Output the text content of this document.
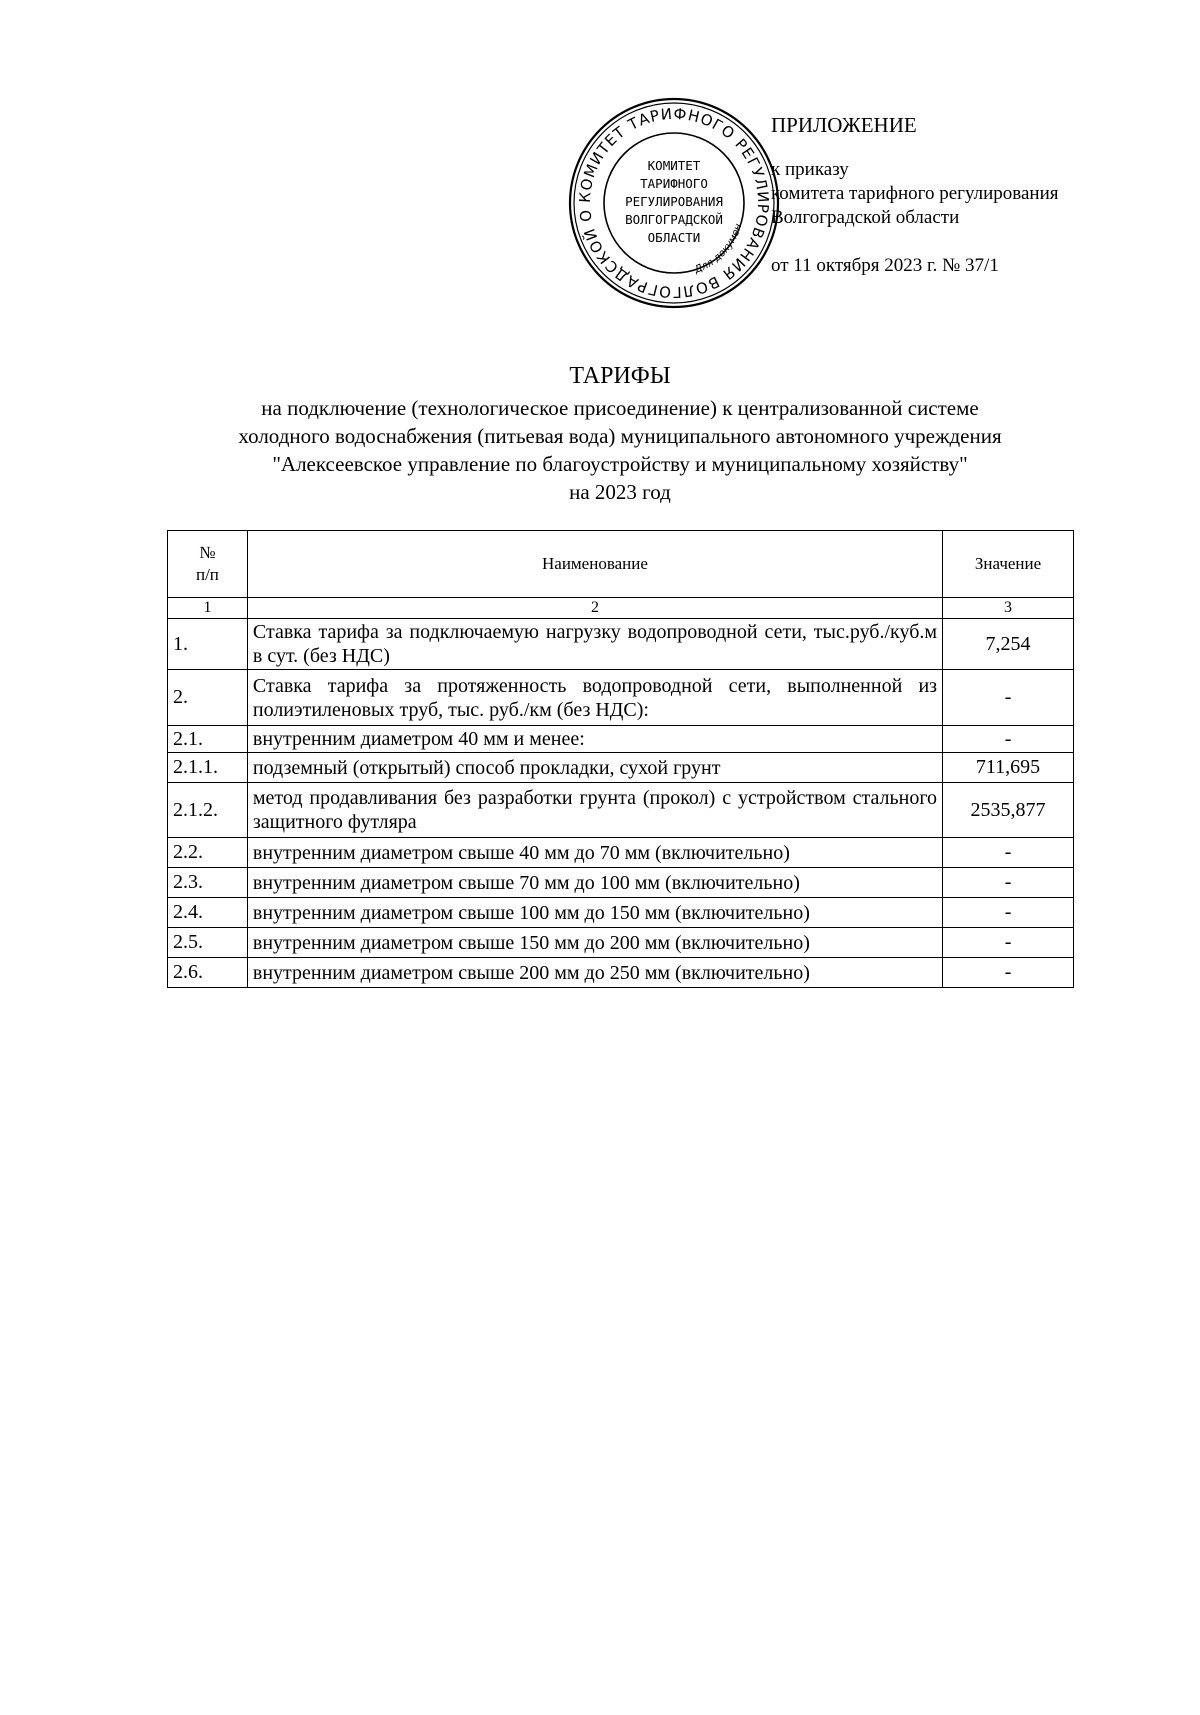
КОМИТЕТ ТАРИФНОГО РЕГУЛИРОВАНИЯ ВОЛГОГРАДСКОЙ О
Для докумен
КОМИТЕТ
ТАРИФНОГО
РЕГУЛИРОВАНИЯ
ВОЛГОГРАДСКОЙ
ОБЛАСТИ
ПРИЛОЖЕНИЕ
к приказу
комитета тарифного регулирования
Волгоградской области
от 11 октября 2023 г. № 37/1
ТАРИФЫ
на подключение (технологическое присоединение) к централизованной системе
холодного водоснабжения (питьевая вода) муниципального автономного учреждения
"Алексеевское управление по благоустройству и муниципальному хозяйству"
на 2023 год
№
п/п	Наименование	Значение
1	2	3
1.	Ставка тарифа за подключаемую нагрузку водопроводной сети, тыс.руб./куб.м в сут. (без НДС)	7,254
2.	Ставка тарифа за протяженность водопроводной сети, выполненной из полиэтиленовых труб, тыс. руб./км (без НДС):	-
2.1.	внутренним диаметром 40 мм и менее:	-
2.1.1.	подземный (открытый) способ прокладки, сухой грунт	711,695
2.1.2.	метод продавливания без разработки грунта (прокол) с устройством стального защитного футляра	2535,877
2.2.	внутренним диаметром свыше 40 мм до 70 мм (включительно)	-
2.3.	внутренним диаметром свыше 70 мм до 100 мм (включительно)	-
2.4.	внутренним диаметром свыше 100 мм до 150 мм (включительно)	-
2.5.	внутренним диаметром свыше 150 мм до 200 мм (включительно)	-
2.6.	внутренним диаметром свыше 200 мм до 250 мм (включительно)	-
